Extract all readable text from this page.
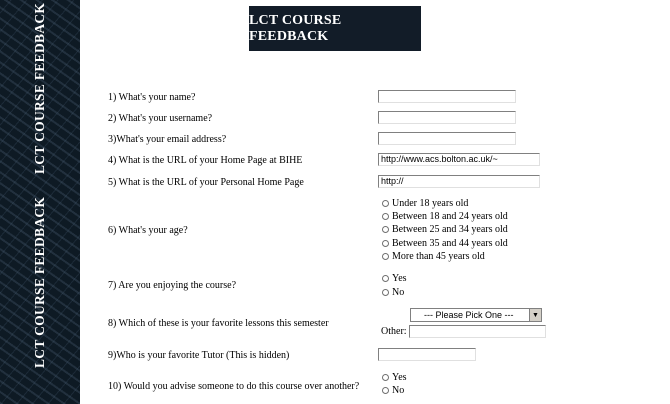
LCT COURSE FEEDBACK
LCT COURSE FEEDBACK
LCT COURSE FEEDBACK
1) What's your name?
2) What's your username?
3)What's your email address?
4) What is the URL of your Home Page at BIHE
5) What is the URL of your Personal Home Page
6) What's your age?
7) Are you enjoying the course?
8) Which of these is your favorite lessons this semester
9)Who is your favorite Tutor (This is hidden)
10) Would you advise someone to do this course over another?
http://www.acs.bolton.ac.uk/~
http://
Under 18 years old
Between 18 and 24 years old
Between 25 and 34 years old
Between 35 and 44 years old
More than 45 years old
Yes
No
--- Please Pick One ---	▼
Other:
Yes
No
